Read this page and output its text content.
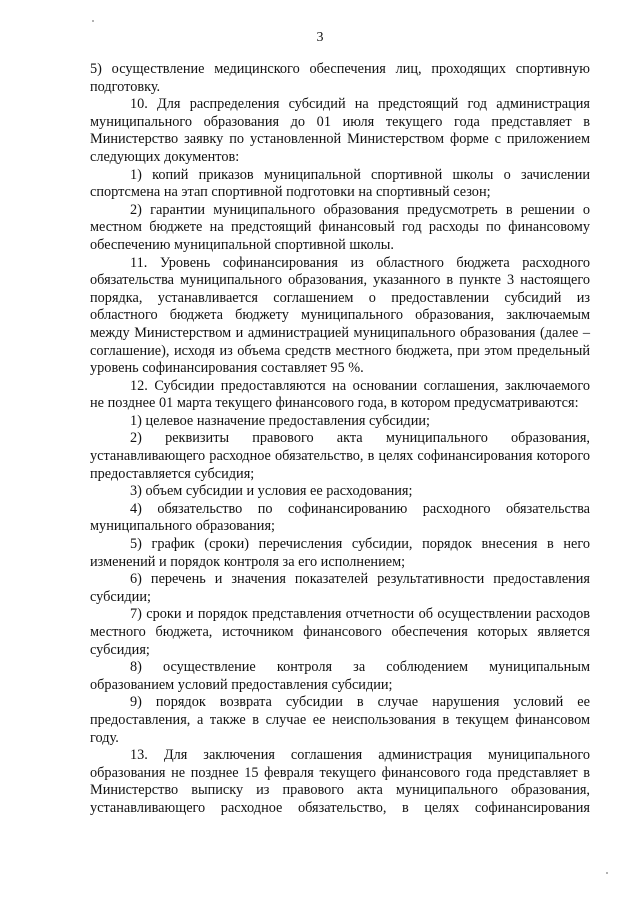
3

5) осуществление медицинского обеспечения лиц, проходящих спортивную подготовку.

10. Для распределения субсидий на предстоящий год администрация муниципального образования до 01 июля текущего года представляет в Министерство заявку по установленной Министерством форме с приложением следующих документов:

1) копий приказов муниципальной спортивной школы о зачислении спортсмена на этап спортивной подготовки на спортивный сезон;

2) гарантии муниципального образования предусмотреть в решении о местном бюджете на предстоящий финансовый год расходы по финансовому обеспечению муниципальной спортивной школы.

11. Уровень софинансирования из областного бюджета расходного обязательства муниципального образования, указанного в пункте 3 настоящего порядка, устанавливается соглашением о предоставлении субсидий из областного бюджета бюджету муниципального образования, заключаемым между Министерством и администрацией муниципального образования (далее – соглашение), исходя из объема средств местного бюджета, при этом предельный уровень софинансирования составляет 95 %.

12. Субсидии предоставляются на основании соглашения, заключаемого не позднее 01 марта текущего финансового года, в котором предусматриваются:

1) целевое назначение предоставления субсидии;

2) реквизиты правового акта муниципального образования, устанавливающего расходное обязательство, в целях софинансирования которого предоставляется субсидия;

3) объем субсидии и условия ее расходования;

4) обязательство по софинансированию расходного обязательства муниципального образования;

5) график (сроки) перечисления субсидии, порядок внесения в него изменений и порядок контроля за его исполнением;

6) перечень и значения показателей результативности предоставления субсидии;

7) сроки и порядок представления отчетности об осуществлении расходов местного бюджета, источником финансового обеспечения которых является субсидия;

8) осуществление контроля за соблюдением муниципальным образованием условий предоставления субсидии;

9) порядок возврата субсидии в случае нарушения условий ее предоставления, а также в случае ее неиспользования в текущем финансовом году.

13. Для заключения соглашения администрация муниципального образования не позднее 15 февраля текущего финансового года представляет в Министерство выписку из правового акта муниципального образования, устанавливающего расходное обязательство, в целях софинансирования
